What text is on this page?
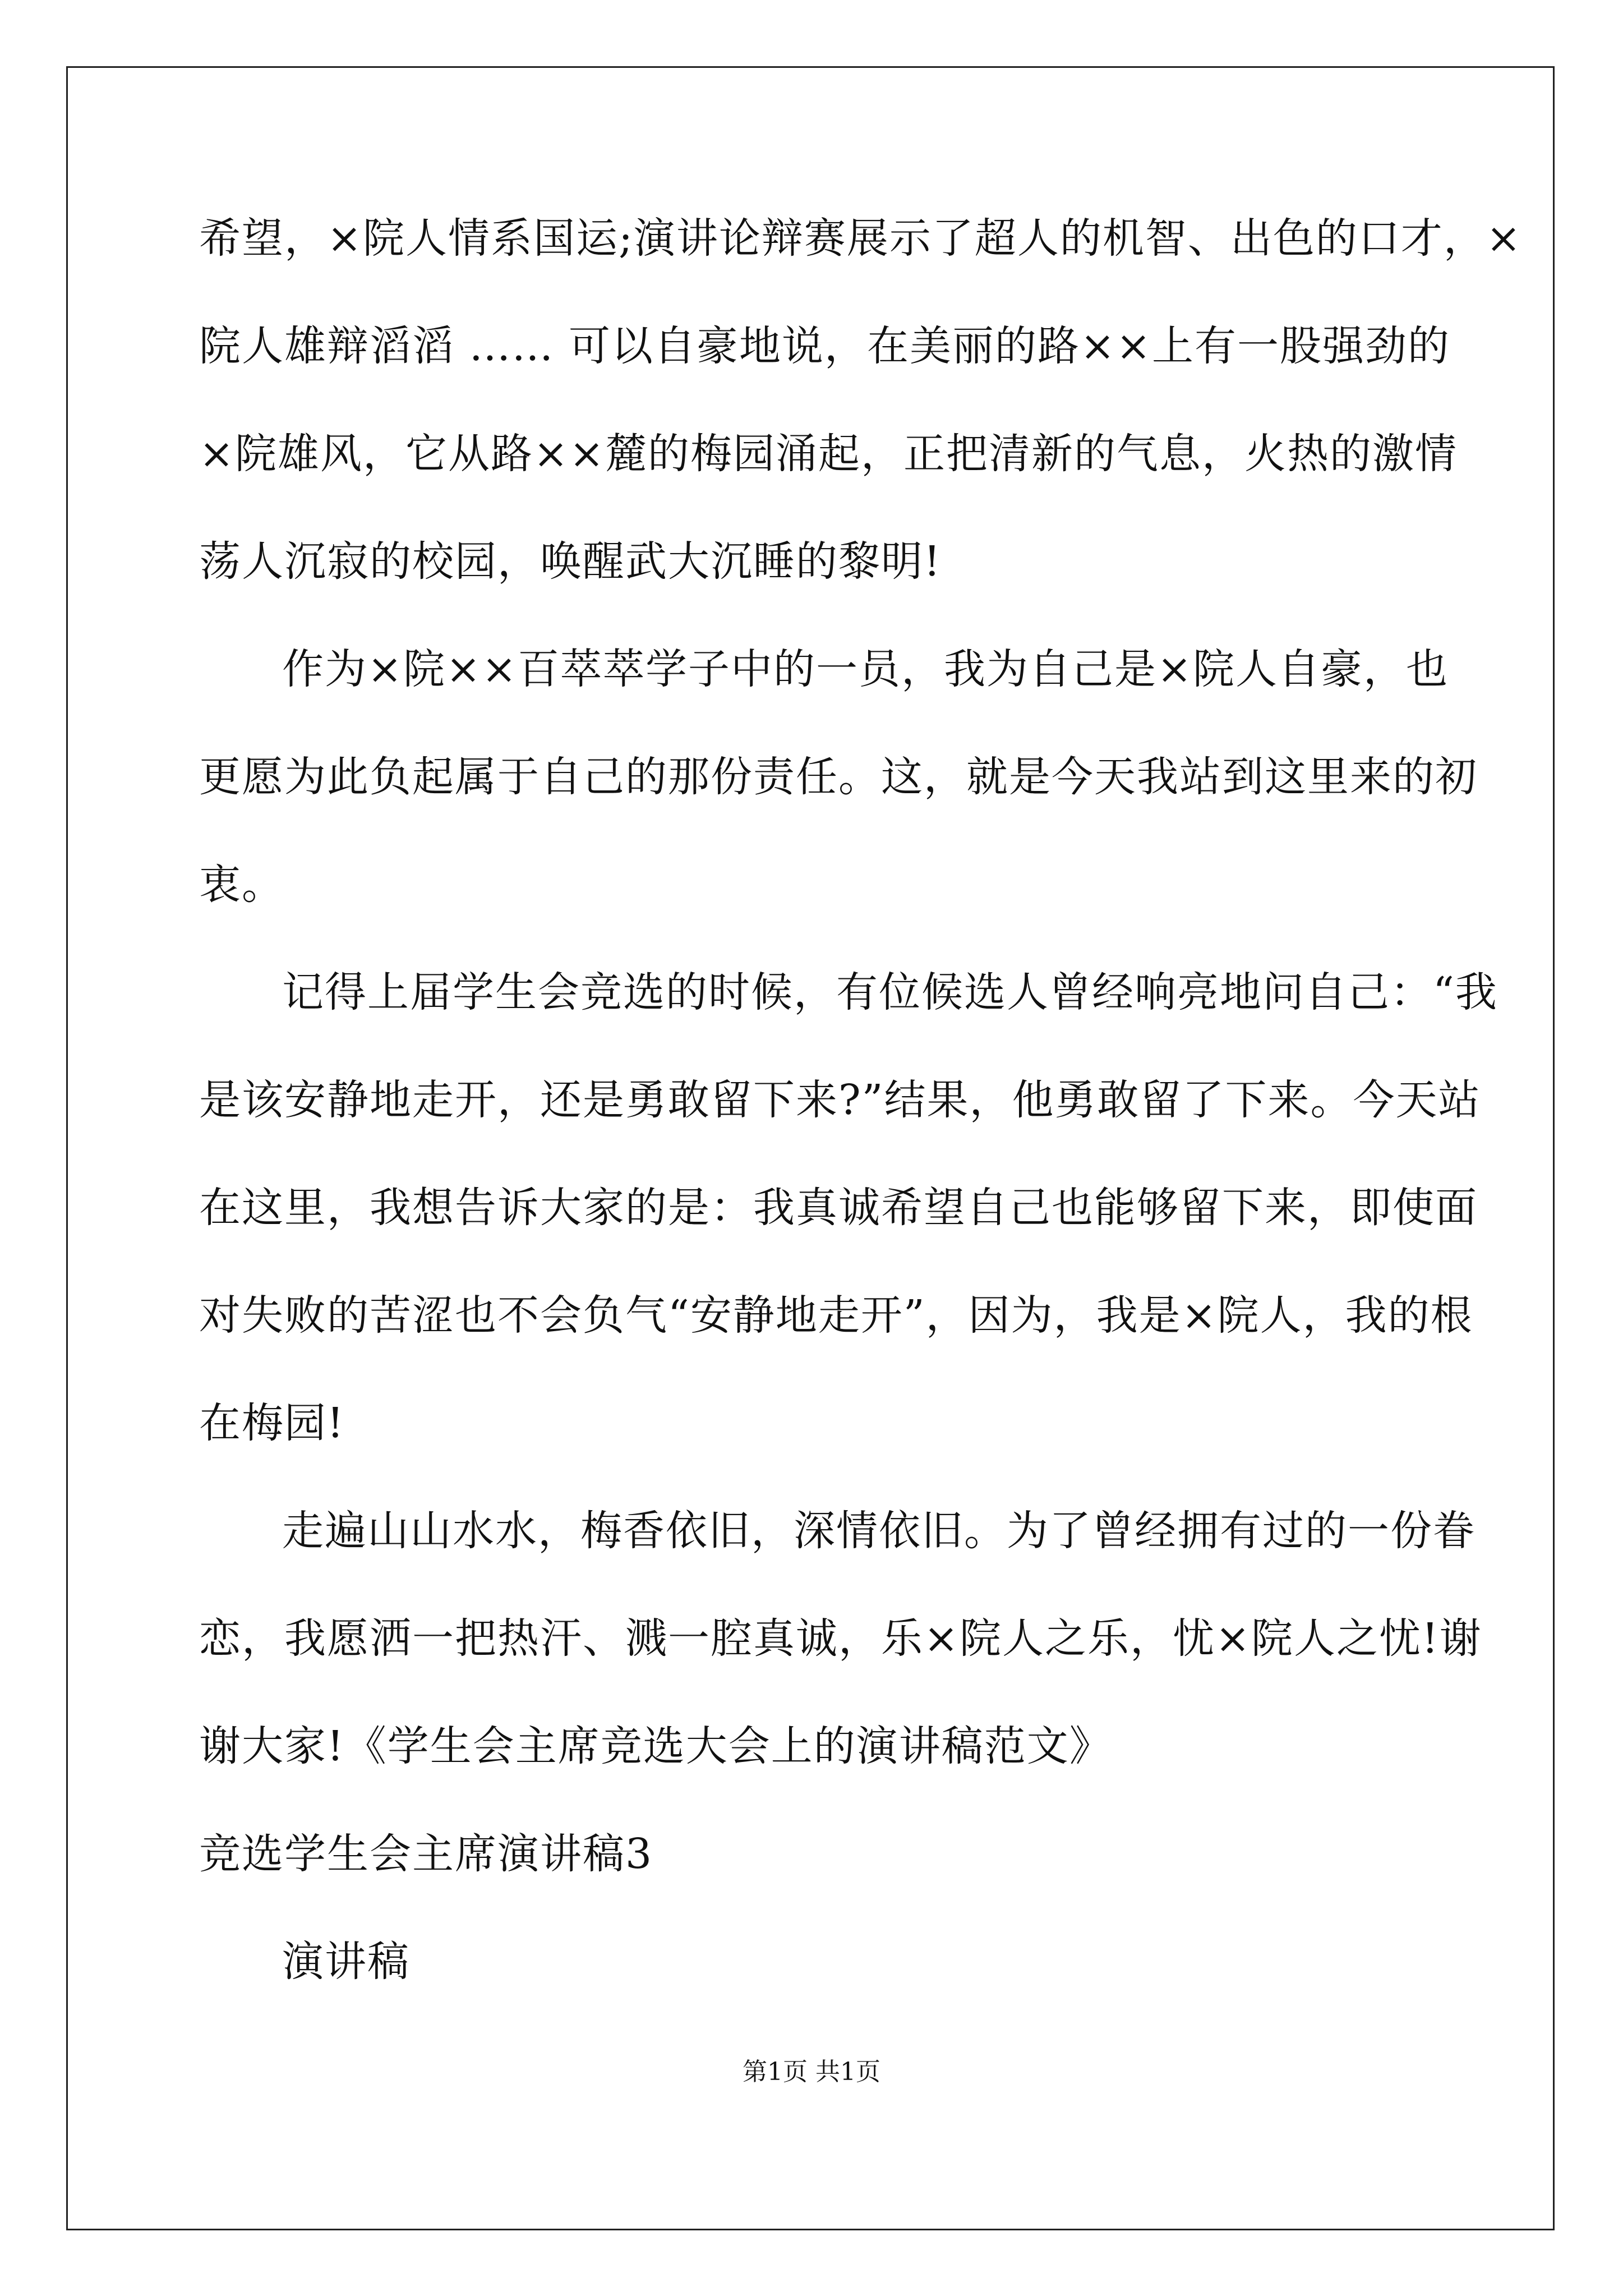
希望，×院人情系国运;演讲论辩赛展示了超人的机智、出色的口才，×
院人雄辩滔滔 …… 可以自豪地说，在美丽的路××上有一股强劲的
×院雄风，它从路××麓的梅园涌起，正把清新的气息，火热的激情
荡人沉寂的校园，唤醒武大沉睡的黎明!
作为×院××百萃萃学子中的一员，我为自己是×院人自豪，也
更愿为此负起属于自己的那份责任。这，就是今天我站到这里来的初
衷。
记得上届学生会竞选的时候，有位候选人曾经响亮地问自己：“我
是该安静地走开，还是勇敢留下来?”结果，他勇敢留了下来。今天站
在这里，我想告诉大家的是：我真诚希望自己也能够留下来，即使面
对失败的苦涩也不会负气“安静地走开”，因为，我是×院人，我的根
在梅园!
走遍山山水水，梅香依旧，深情依旧。为了曾经拥有过的一份眷
恋，我愿洒一把热汗、溅一腔真诚，乐×院人之乐，忧×院人之忧!谢
谢大家!《学生会主席竞选大会上的演讲稿范文》
竞选学生会主席演讲稿3
演讲稿
第1页 共1页
